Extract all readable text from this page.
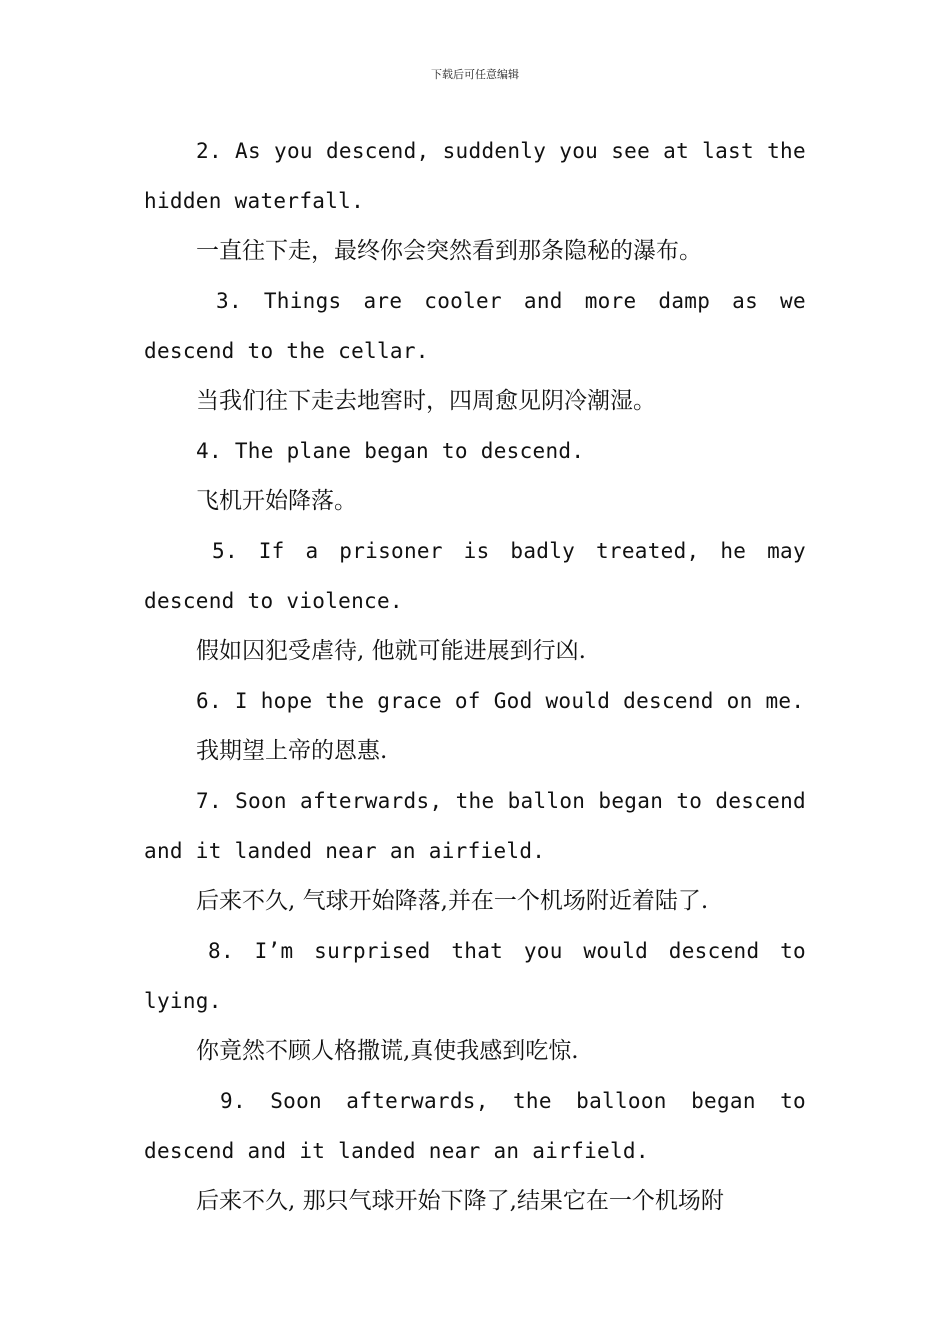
下载后可任意编辑
2. As you descend, suddenly you see at last the
hidden waterfall.
一直往下走，最终你会突然看到那条隐秘的瀑布。
3. Things are cooler and more damp as we
descend to the cellar.
当我们往下走去地窖时，四周愈见阴冷潮湿。
4. The plane began to descend.
飞机开始降落。
5. If a prisoner is badly treated, he may
descend to violence.
假如囚犯受虐待, 他就可能进展到行凶.
6. I hope the grace of God would descend on me.
我期望上帝的恩惠.
7. Soon afterwards, the ballon began to descend
and it landed near an airfield.
后来不久, 气球开始降落,并在一个机场附近着陆了.
8. I’m surprised that you would descend to
lying.
你竟然不顾人格撒谎,真使我感到吃惊.
9. Soon afterwards, the balloon began to
descend and it landed near an airfield.
后来不久, 那只气球开始下降了,结果它在一个机场附
